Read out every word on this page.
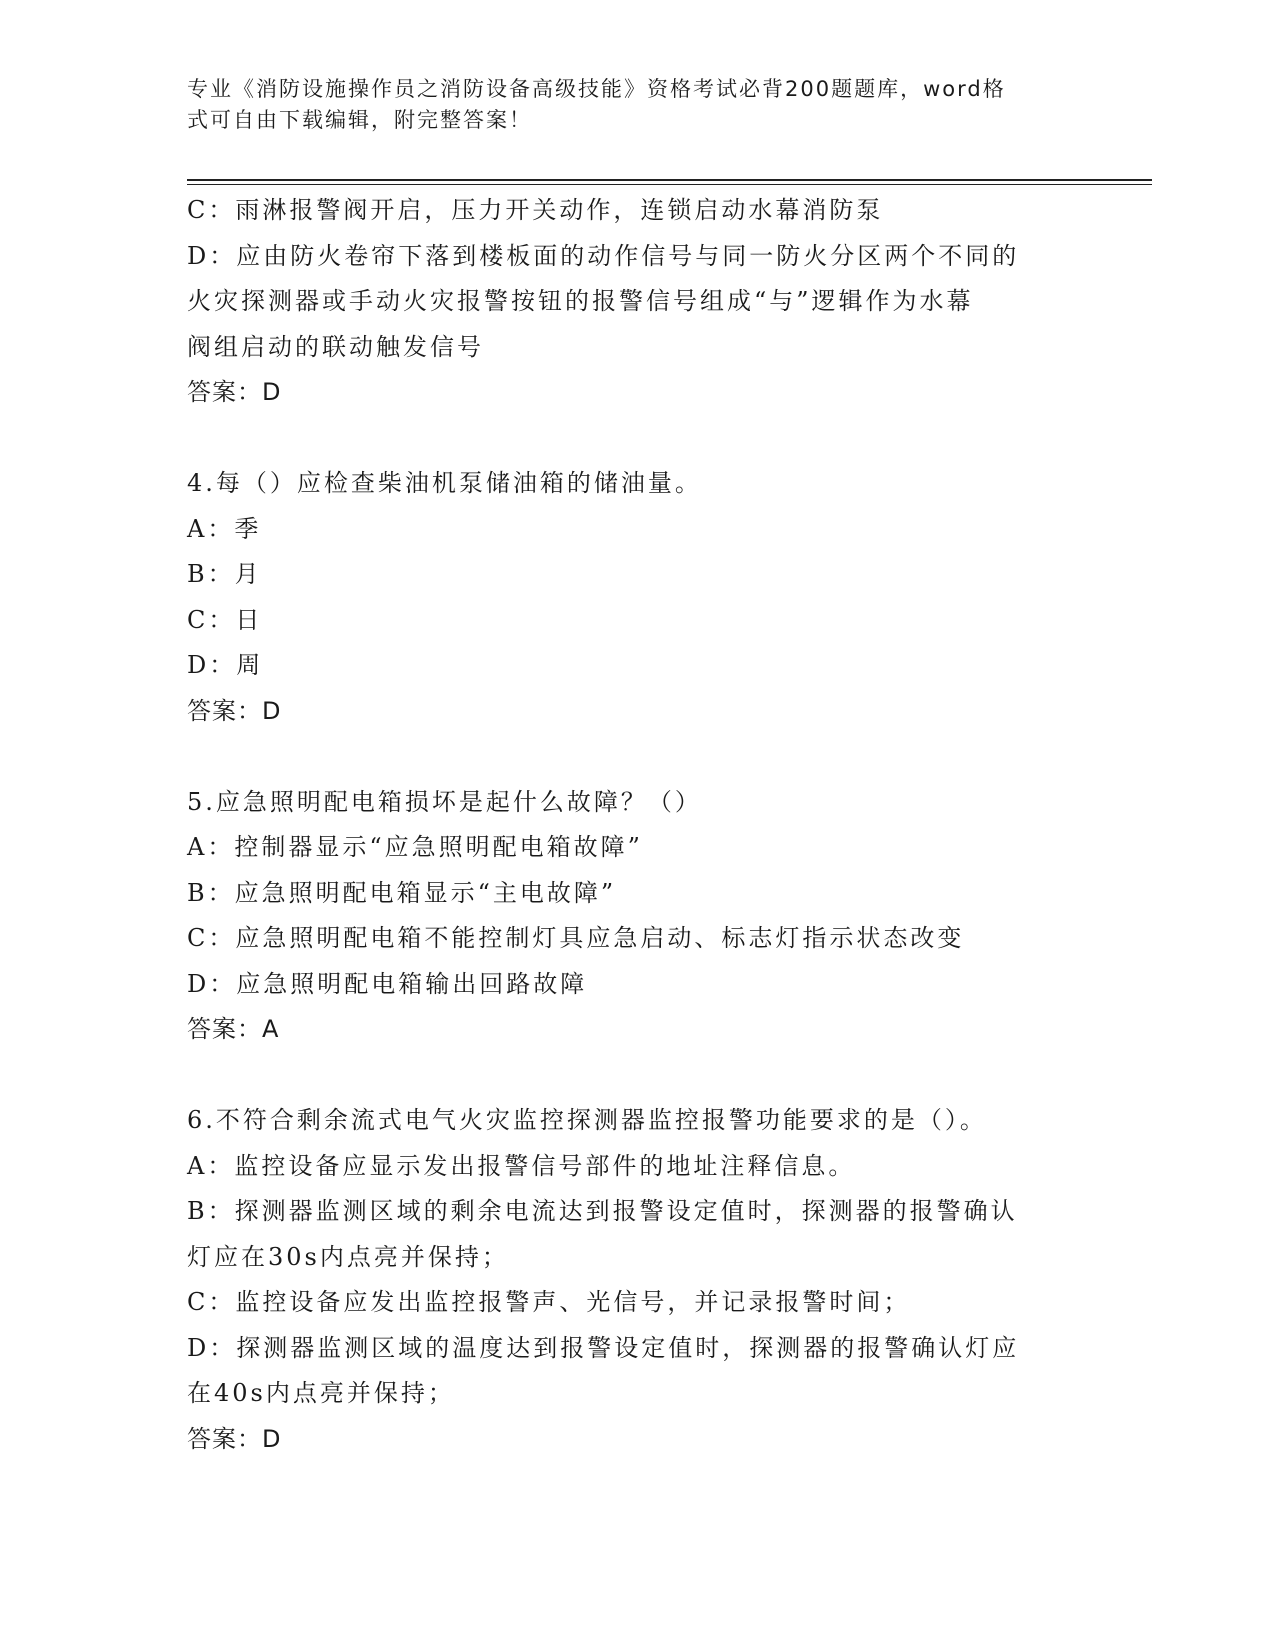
专业《消防设施操作员之消防设备高级技能》资格考试必背200题题库，word格
式可自由下载编辑，附完整答案！
C：雨淋报警阀开启，压力开关动作，连锁启动水幕消防泵
D：应由防火卷帘下落到楼板面的动作信号与同一防火分区两个不同的
火灾探测器或手动火灾报警按钮的报警信号组成“与”逻辑作为水幕
阀组启动的联动触发信号
答案：D
4.每（）应检查柴油机泵储油箱的储油量。
A：季
B：月
C：日
D：周
答案：D
5.应急照明配电箱损坏是起什么故障？（）
A：控制器显示“应急照明配电箱故障”
B：应急照明配电箱显示“主电故障”
C：应急照明配电箱不能控制灯具应急启动、标志灯指示状态改变
D：应急照明配电箱输出回路故障
答案：A
6.不符合剩余流式电气火灾监控探测器监控报警功能要求的是（）。
A：监控设备应显示发出报警信号部件的地址注释信息。
B：探测器监测区域的剩余电流达到报警设定值时，探测器的报警确认
灯应在30s内点亮并保持；
C：监控设备应发出监控报警声、光信号，并记录报警时间；
D：探测器监测区域的温度达到报警设定值时，探测器的报警确认灯应
在40s内点亮并保持；
答案：D
